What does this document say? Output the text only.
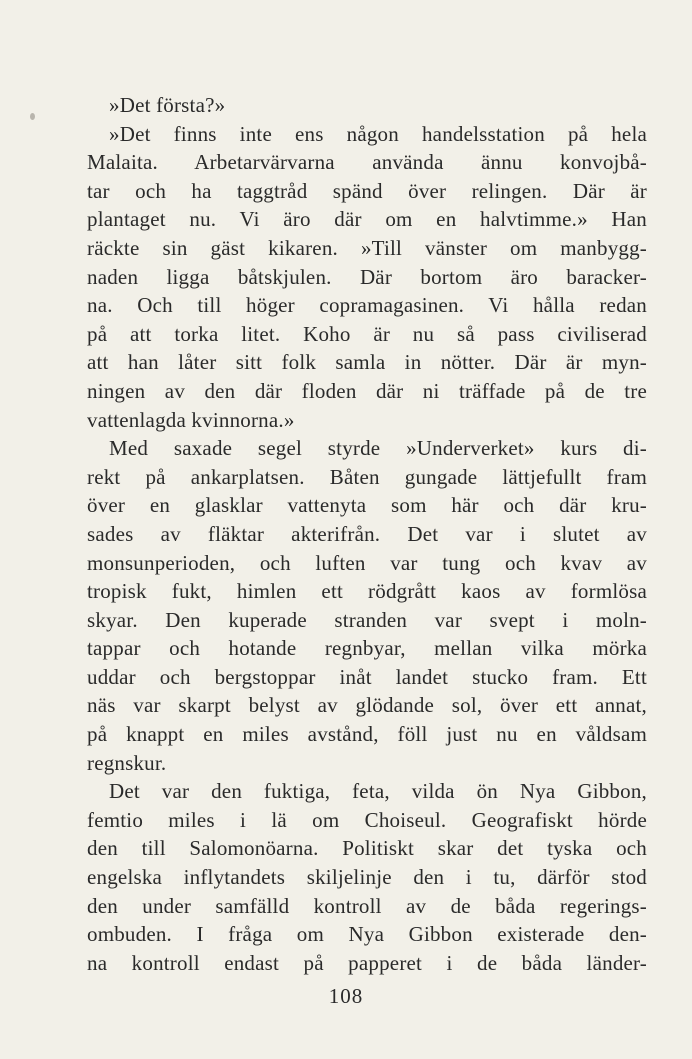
»Det första?»
»Det finns inte ens någon handelsstation på hela
Malaita. Arbetarvärvarna använda ännu konvojbå-
tar och ha taggtråd spänd över relingen. Där är
plantaget nu. Vi äro där om en halvtimme.» Han
räckte sin gäst kikaren. »Till vänster om manbygg-
naden ligga båtskjulen. Där bortom äro baracker-
na. Och till höger copramagasinen. Vi hålla redan
på att torka litet. Koho är nu så pass civiliserad
att han låter sitt folk samla in nötter. Där är myn-
ningen av den där floden där ni träffade på de tre
vattenlagda kvinnorna.»
Med saxade segel styrde »Underverket» kurs di-
rekt på ankarplatsen. Båten gungade lättjefullt fram
över en glasklar vattenyta som här och där kru-
sades av fläktar akterifrån. Det var i slutet av
monsunperioden, och luften var tung och kvav av
tropisk fukt, himlen ett rödgrått kaos av formlösa
skyar. Den kuperade stranden var svept i moln-
tappar och hotande regnbyar, mellan vilka mörka
uddar och bergstoppar inåt landet stucko fram. Ett
näs var skarpt belyst av glödande sol, över ett annat,
på knappt en miles avstånd, föll just nu en våldsam
regnskur.
Det var den fuktiga, feta, vilda ön Nya Gibbon,
femtio miles i lä om Choiseul. Geografiskt hörde
den till Salomonöarna. Politiskt skar det tyska och
engelska inflytandets skiljelinje den i tu, därför stod
den under samfälld kontroll av de båda regerings-
ombuden. I fråga om Nya Gibbon existerade den-
na kontroll endast på papperet i de båda länder-
108
